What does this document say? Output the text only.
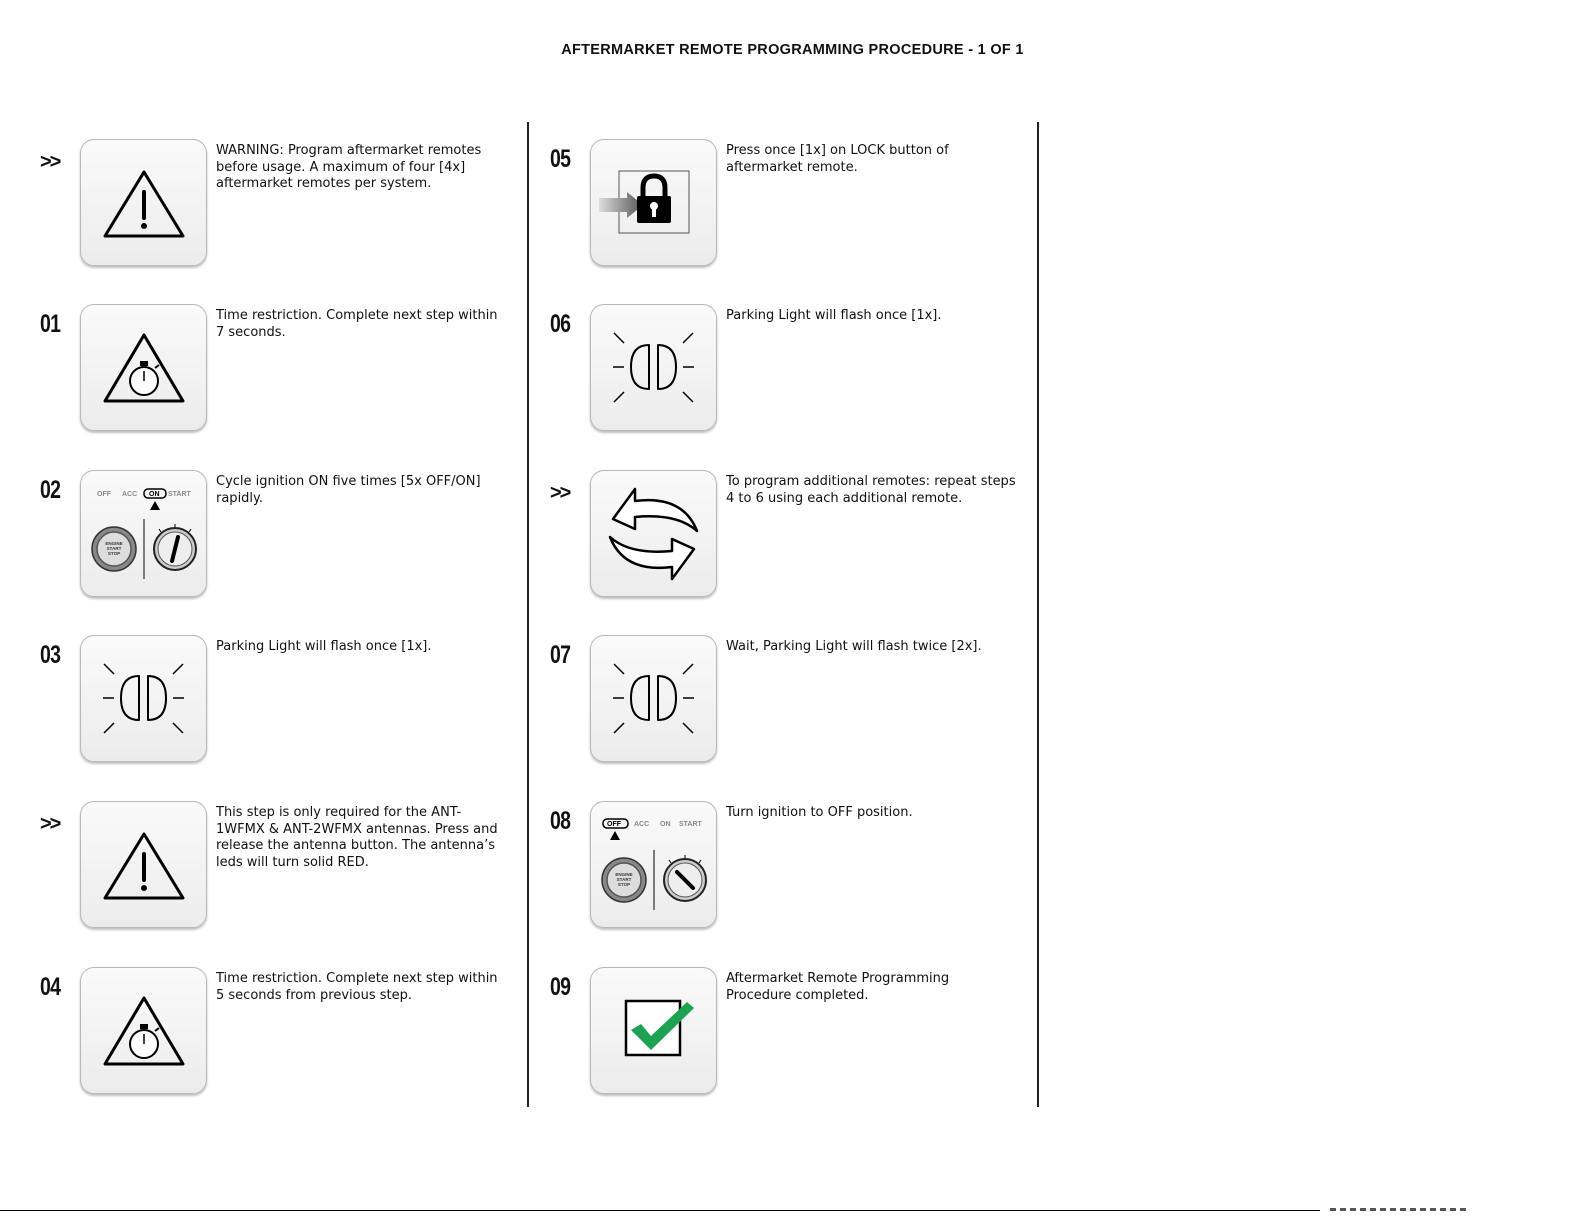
AFTERMARKET REMOTE PROGRAMMING PROCEDURE - 1 OF 1
>>
WARNING: Program aftermarket remotes before usage. A maximum of four [4x] aftermarket remotes per system.
01	Time restriction. Complete next step within 7 seconds.
02	OFF ACC ON START
ENGINE
START
STOP
Cycle ignition ON five times [5x OFF/ON] rapidly.
03	Parking Light will flash once [1x].
>>
This step is only required for the ANT-1WFMX & ANT-2WFMX antennas. Press and release the antenna button. The antenna’s leds will turn solid RED.
04	Time restriction. Complete next step within 5 seconds from previous step.
05	Press once [1x] on LOCK button of aftermarket remote.
06	Parking Light will flash once [1x].
>>
To program additional remotes: repeat steps 4 to 6 using each additional remote.
07	Wait, Parking Light will flash twice [2x].
08	OFF ACC ON START
ENGINE
START
STOP
Turn ignition to OFF position.
09	Aftermarket Remote Programming Procedure completed.
